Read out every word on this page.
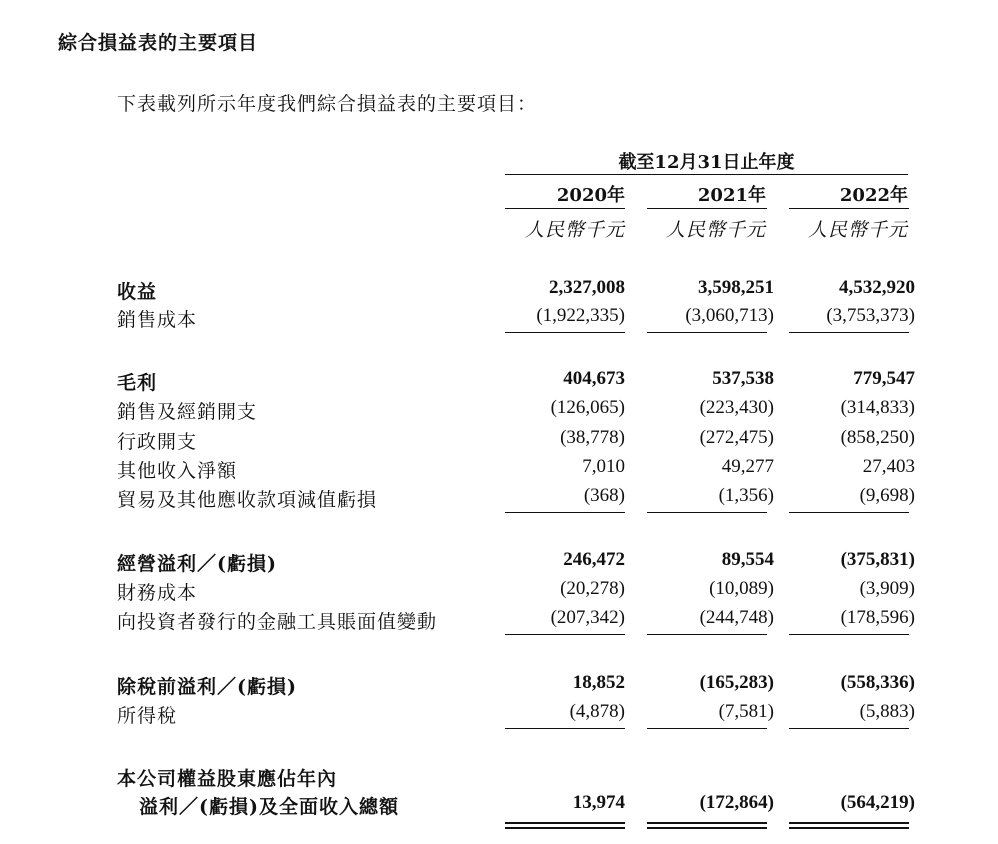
綜合損益表的主要項目
下表載列所示年度我們綜合損益表的主要項目：
截至12月31日止年度
2020年	2021年	2022年
人民幣千元	人民幣千元	人民幣千元
收益	2,327,008	3,598,251	4,532,920
銷售成本	(1,922,335)	(3,060,713)	(3,753,373)
毛利	404,673	537,538	779,547
銷售及經銷開支	(126,065)	(223,430)	(314,833)
行政開支	(38,778)	(272,475)	(858,250)
其他收入淨額	7,010	49,277	27,403
貿易及其他應收款項減值虧損	(368)	(1,356)	(9,698)
經營溢利／(虧損)	246,472	89,554	(375,831)
財務成本	(20,278)	(10,089)	(3,909)
向投資者發行的金融工具賬面值變動	(207,342)	(244,748)	(178,596)
除稅前溢利／(虧損)	18,852	(165,283)	(558,336)
所得稅	(4,878)	(7,581)	(5,883)
本公司權益股東應佔年內
溢利／(虧損)及全面收入總額	13,974	(172,864)	(564,219)
